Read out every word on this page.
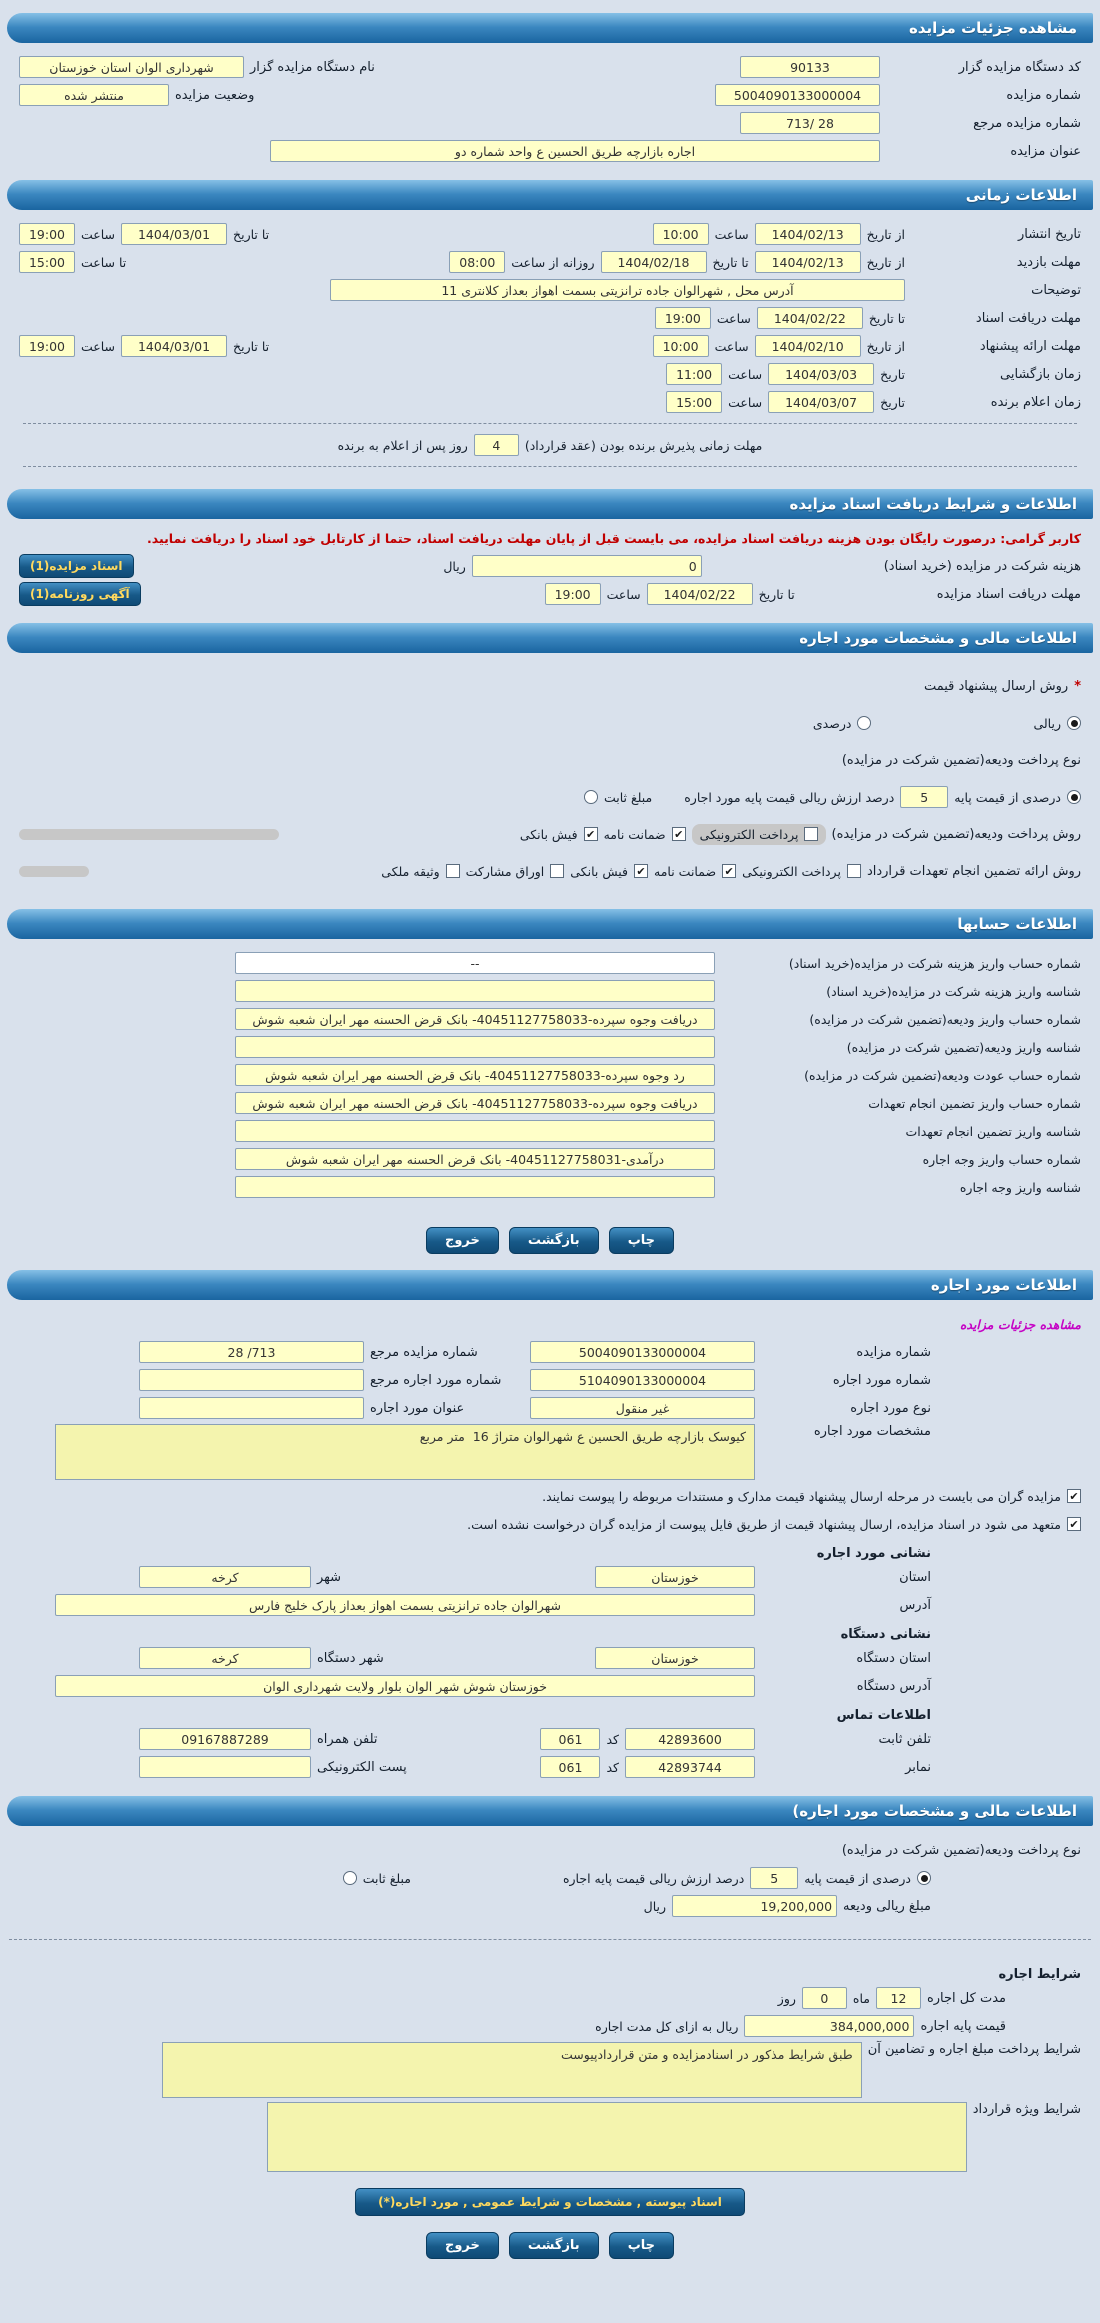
مشاهده جزئیات مزایده
کد دستگاه مزایده گزار
90133
نام دستگاه مزایده گزار
شهرداری الوان استان خوزستان
شماره مزایده
5004090133000004
وضعیت مزایده
منتشر شده
شماره مزایده مرجع
713/ 28
عنوان مزایده
اجاره بازارچه طریق الحسین ع واحد شماره دو
اطلاعات زمانی
تاریخ انتشار
از تاریخ
1404/02/13
ساعت
10:00
تا تاریخ
1404/03/01
ساعت
19:00
مهلت بازدید
از تاریخ
1404/02/13
تا تاریخ
1404/02/18
روزانه از ساعت
08:00
تا ساعت
15:00
توضیحات
آدرس محل , شهرالوان جاده ترانزیتی بسمت اهواز بعداز کلانتری 11
مهلت دریافت اسناد
تا تاریخ
1404/02/22
ساعت
19:00
مهلت ارائه پیشنهاد
از تاریخ
1404/02/10
ساعت
10:00
تا تاریخ
1404/03/01
ساعت
19:00
زمان بازگشایی
تاریخ
1404/03/03
ساعت
11:00
زمان اعلام برنده
تاریخ
1404/03/07
ساعت
15:00
مهلت زمانی پذیرش برنده بودن (عقد قرارداد)
4
روز پس از اعلام به برنده
اطلاعات و شرایط دریافت اسناد مزایده
کاربر گرامی: درصورت رایگان بودن هزینه دریافت اسناد مزایده، می بایست قبل از پایان مهلت دریافت اسناد، حتما از کارتابل خود اسناد را دریافت نمایید.
هزینه شرکت در مزایده (خرید اسناد)
0
ریال
اسناد مزایده(1)
مهلت دریافت اسناد مزایده
تا تاریخ
1404/02/22
ساعت
19:00
آگهی روزنامه(1)
اطلاعات مالی و مشخصات مورد اجاره
*
روش ارسال پیشنهاد قیمت
ریالی
درصدی
نوع پرداخت ودیعه(تضمین شرکت در مزایده)
درصدی از قیمت پایه
5
درصد ارزش ریالی قیمت پایه مورد اجاره
مبلغ ثابت
روش پرداخت ودیعه(تضمین شرکت در مزایده)
پرداخت الکترونیکی
✔
ضمانت نامه
✔
فیش بانکی
روش ارائه تضمین انجام تعهدات قرارداد
پرداخت الکترونیکی
✔
ضمانت نامه
✔
فیش بانکی
اوراق مشارکت
وثیقه ملکی
اطلاعات حسابها
شماره حساب واریز هزینه شرکت در مزایده(خرید اسناد)
--
شناسه واریز هزینه شرکت در مزایده(خرید اسناد)
شماره حساب واریز ودیعه(تضمین شرکت در مزایده)
دریافت وجوه سپرده-40451127758033- بانک قرض الحسنه مهر ایران شعبه شوش
شناسه واریز ودیعه(تضمین شرکت در مزایده)
شماره حساب عودت ودیعه(تضمین شرکت در مزایده)
رد وجوه سپرده-40451127758033- بانک قرض الحسنه مهر ایران شعبه شوش
شماره حساب واریز تضمین انجام تعهدات
دریافت وجوه سپرده-40451127758033- بانک قرض الحسنه مهر ایران شعبه شوش
شناسه واریز تضمین انجام تعهدات
شماره حساب واریز وجه اجاره
درآمدی-40451127758031- بانک قرض الحسنه مهر ایران شعبه شوش
شناسه واریز وجه اجاره
چاپ
بازگشت
خروج
اطلاعات مورد اجاره
مشاهده جزئیات مزایده
شماره مزایده
5004090133000004
شماره مزایده مرجع
28 /713
شماره مورد اجاره
5104090133000004
شماره مورد اجاره مرجع
نوع مورد اجاره
غیر منقول
عنوان مورد اجاره
مشخصات مورد اجاره
کیوسک بازارچه طریق الحسین ع شهرالوان متراژ 16 متر مربع
✔
مزایده گران می بایست در مرحله ارسال پیشنهاد قیمت مدارک و مستندات مربوطه را پیوست نمایند.
✔
متعهد می شود در اسناد مزایده، ارسال پیشنهاد قیمت از طریق فایل پیوست از مزایده گران درخواست نشده است.
نشانی مورد اجاره
استان
خوزستان
شهر
کرخه
آدرس
شهرالوان جاده ترانزیتی بسمت اهواز بعداز پارک خلیج فارس
نشانی دستگاه
استان دستگاه
خوزستان
شهر دستگاه
کرخه
آدرس دستگاه
خوزستان شوش شهر الوان بلوار ولایت شهرداری الوان
اطلاعات تماس
تلفن ثابت
42893600
کد
061
تلفن همراه
09167887289
نمابر
42893744
کد
061
پست الکترونیکی
اطلاعات مالی و مشخصات مورد اجاره)
نوع پرداخت ودیعه(تضمین شرکت در مزایده)
درصدی از قیمت پایه
5
درصد ارزش ریالی قیمت پایه اجاره
مبلغ ثابت
مبلغ ریالی ودیعه
19,200,000
ریال
شرایط اجاره
مدت کل اجاره
12
ماه
0
روز
قیمت پایه اجاره
384,000,000
ریال به ازای کل مدت اجاره
شرایط پرداخت مبلغ اجاره و تضامین آن
طبق شرایط مذکور در اسنادمزایده و متن قراردادپیوست
شرایط ویژه قرارداد
اسناد پیوسته , مشخصات و شرایط عمومی , مورد اجاره(*)
چاپ
بازگشت
خروج
